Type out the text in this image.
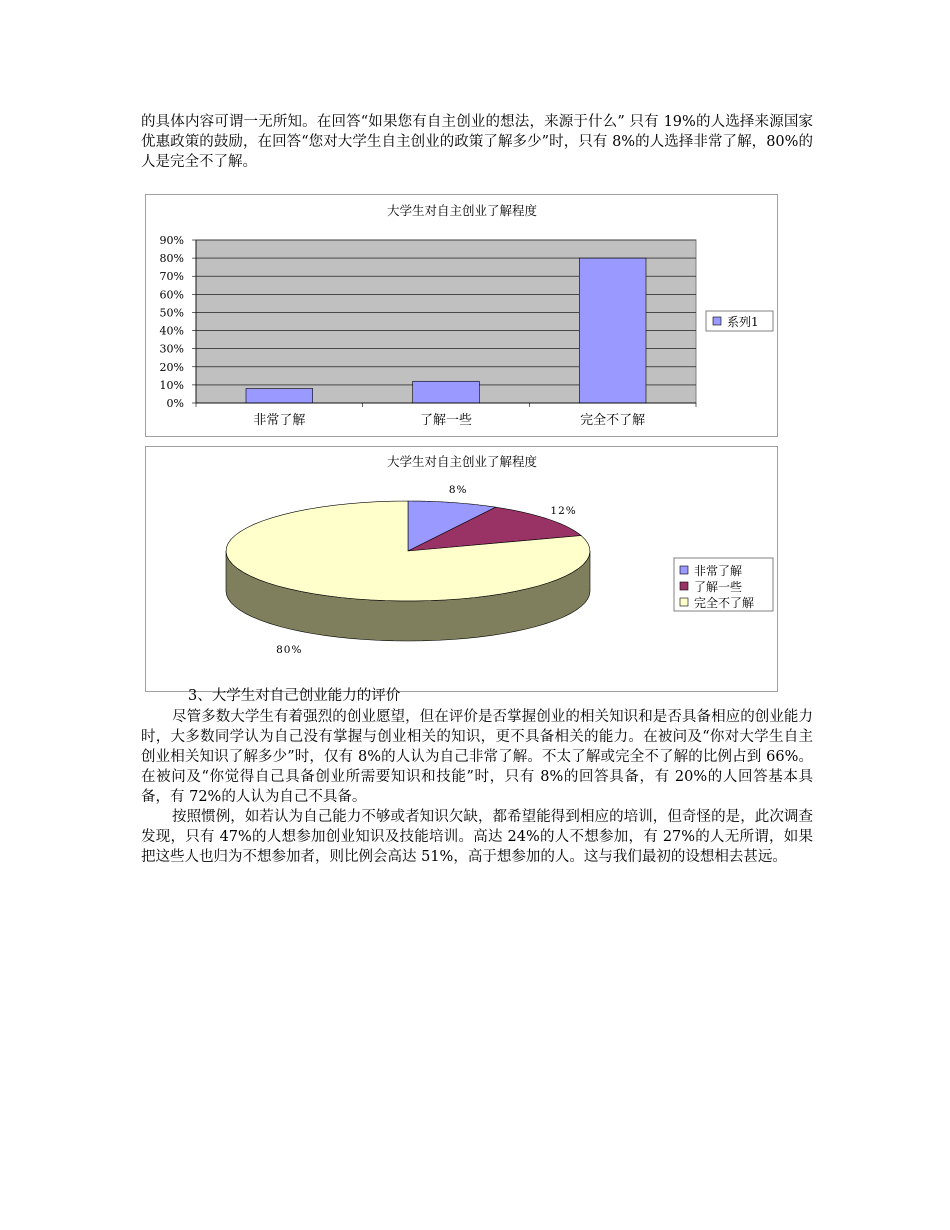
的具体内容可谓一无所知。在回答“如果您有自主创业的想法，来源于什么” 只有 19%的人选择来源国家优惠政策的鼓励，在回答“您对大学生自主创业的政策了解多少”时，只有 8%的人选择非常了解，80%的人是完全不了解。

大学生对自主创业了解程度
0%
10%
20%
30%
40%
50%
60%
70%
80%
90%
非常了解	了解一些	完全不了解
系列1
大学生对自主创业了解程度
8%
12%
80%
非常了解
了解一些
完全不了解
3、大学生对自己创业能力的评价

尽管多数大学生有着强烈的创业愿望，但在评价是否掌握创业的相关知识和是否具备相应的创业能力时，大多数同学认为自己没有掌握与创业相关的知识，更不具备相关的能力。在被问及“你对大学生自主创业相关知识了解多少”时，仅有 8%的人认为自己非常了解。不太了解或完全不了解的比例占到 66%。在被问及“你觉得自己具备创业所需要知识和技能”时，只有 8%的回答具备，有 20%的人回答基本具备，有 72%的人认为自己不具备。

按照惯例，如若认为自己能力不够或者知识欠缺，都希望能得到相应的培训，但奇怪的是，此次调查发现，只有 47%的人想参加创业知识及技能培训。高达 24%的人不想参加，有 27%的人无所谓，如果把这些人也归为不想参加者，则比例会高达 51%，高于想参加的人。这与我们最初的设想相去甚远。
